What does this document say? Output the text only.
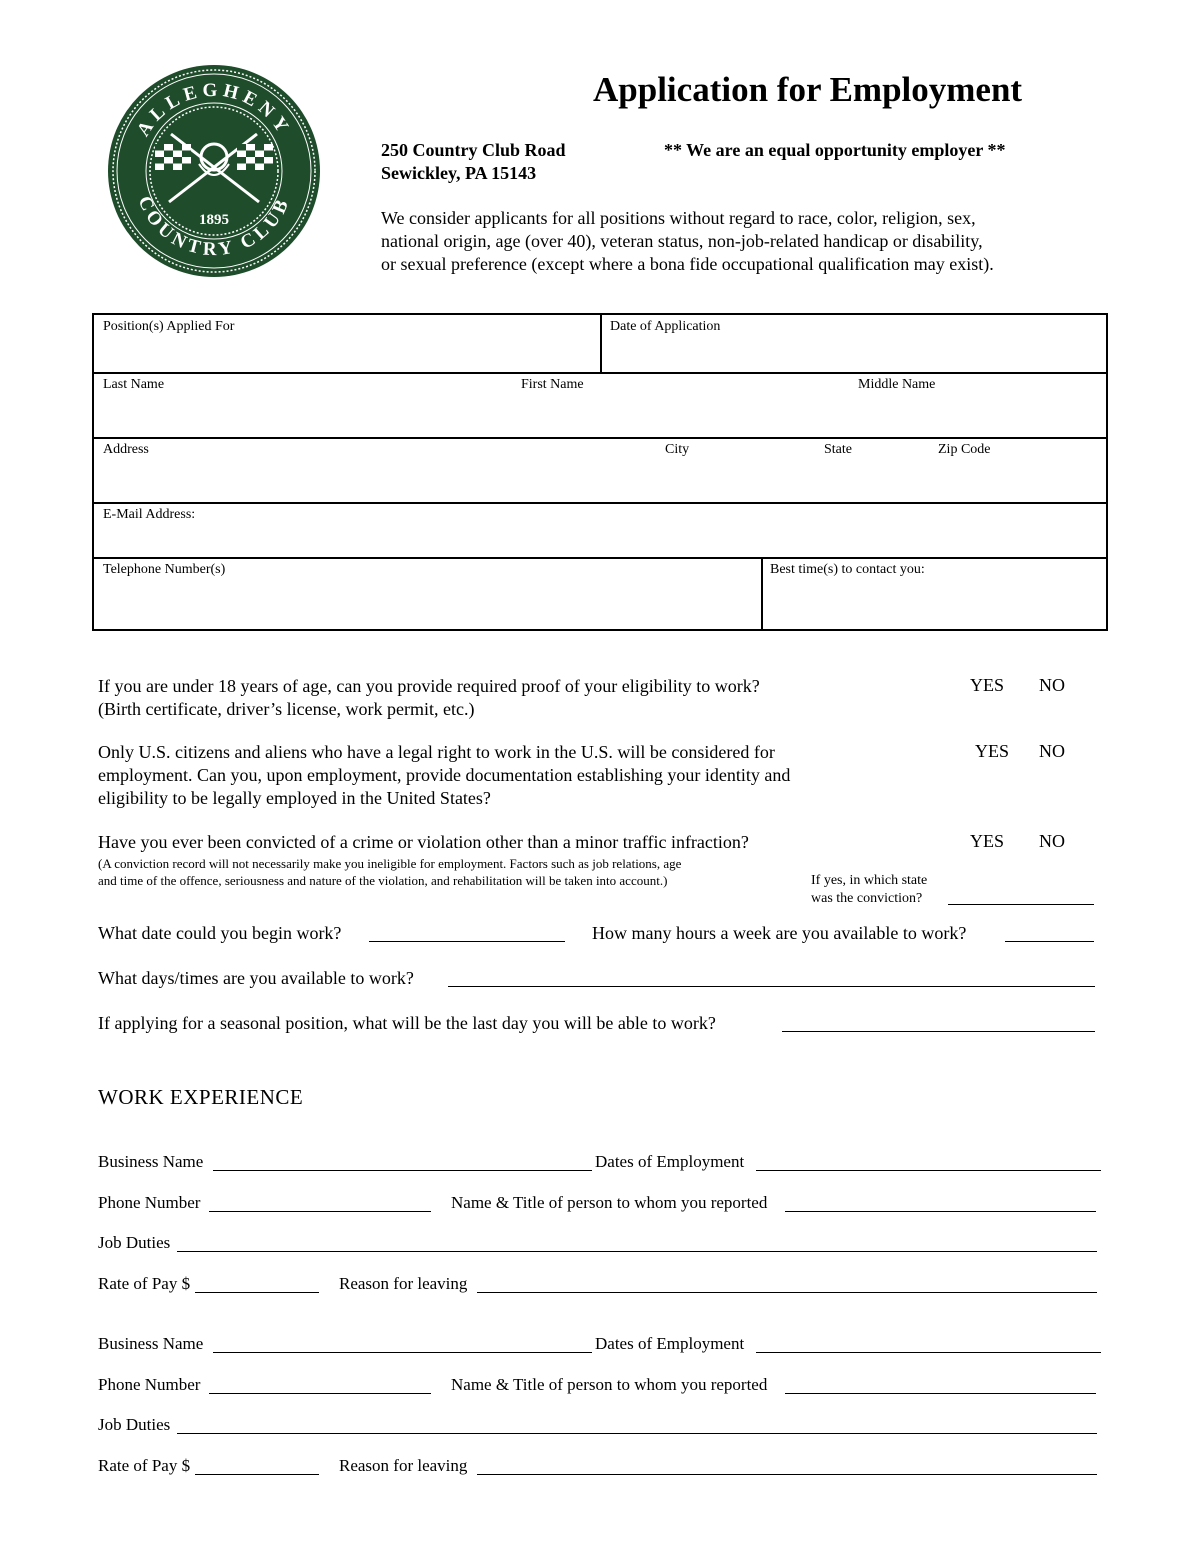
ALLEGHENY
COUNTRY CLUB
1895
Application for Employment
250 Country Club Road
Sewickley, PA 15143
** We are an equal opportunity employer **
We consider applicants for all positions without regard to race, color, religion, sex,
national origin, age (over 40), veteran status, non-job-related handicap or disability,
or sexual preference (except where a bona fide occupational qualification may exist).
Position(s) Applied For	Date of Application
Last Name	First Name	Middle Name
Address	City	State	Zip Code
E-Mail Address:
Telephone Number(s)	Best time(s) to contact you:
If you are under 18 years of age, can you provide required proof of your eligibility to work?
(Birth certificate, driver’s license, work permit, etc.)
YES NO
Only U.S. citizens and aliens who have a legal right to work in the U.S. will be considered for
employment. Can you, upon employment, provide documentation establishing your identity and
eligibility to be legally employed in the United States?
YES NO
Have you ever been convicted of a crime or violation other than a minor traffic infraction?
(A conviction record will not necessarily make you ineligible for employment. Factors such as job relations, age
and time of the offence, seriousness and nature of the violation, and rehabilitation will be taken into account.)
YES NO
If yes, in which state
was the conviction?
What date could you begin work?	How many hours a week are you available to work?
What days/times are you available to work?
If applying for a seasonal position, what will be the last day you will be able to work?
WORK EXPERIENCE
Business Name	Dates of Employment
Phone Number	Name & Title of person to whom you reported
Job Duties
Rate of Pay $	Reason for leaving
Business Name	Dates of Employment
Phone Number	Name & Title of person to whom you reported
Job Duties
Rate of Pay $	Reason for leaving
